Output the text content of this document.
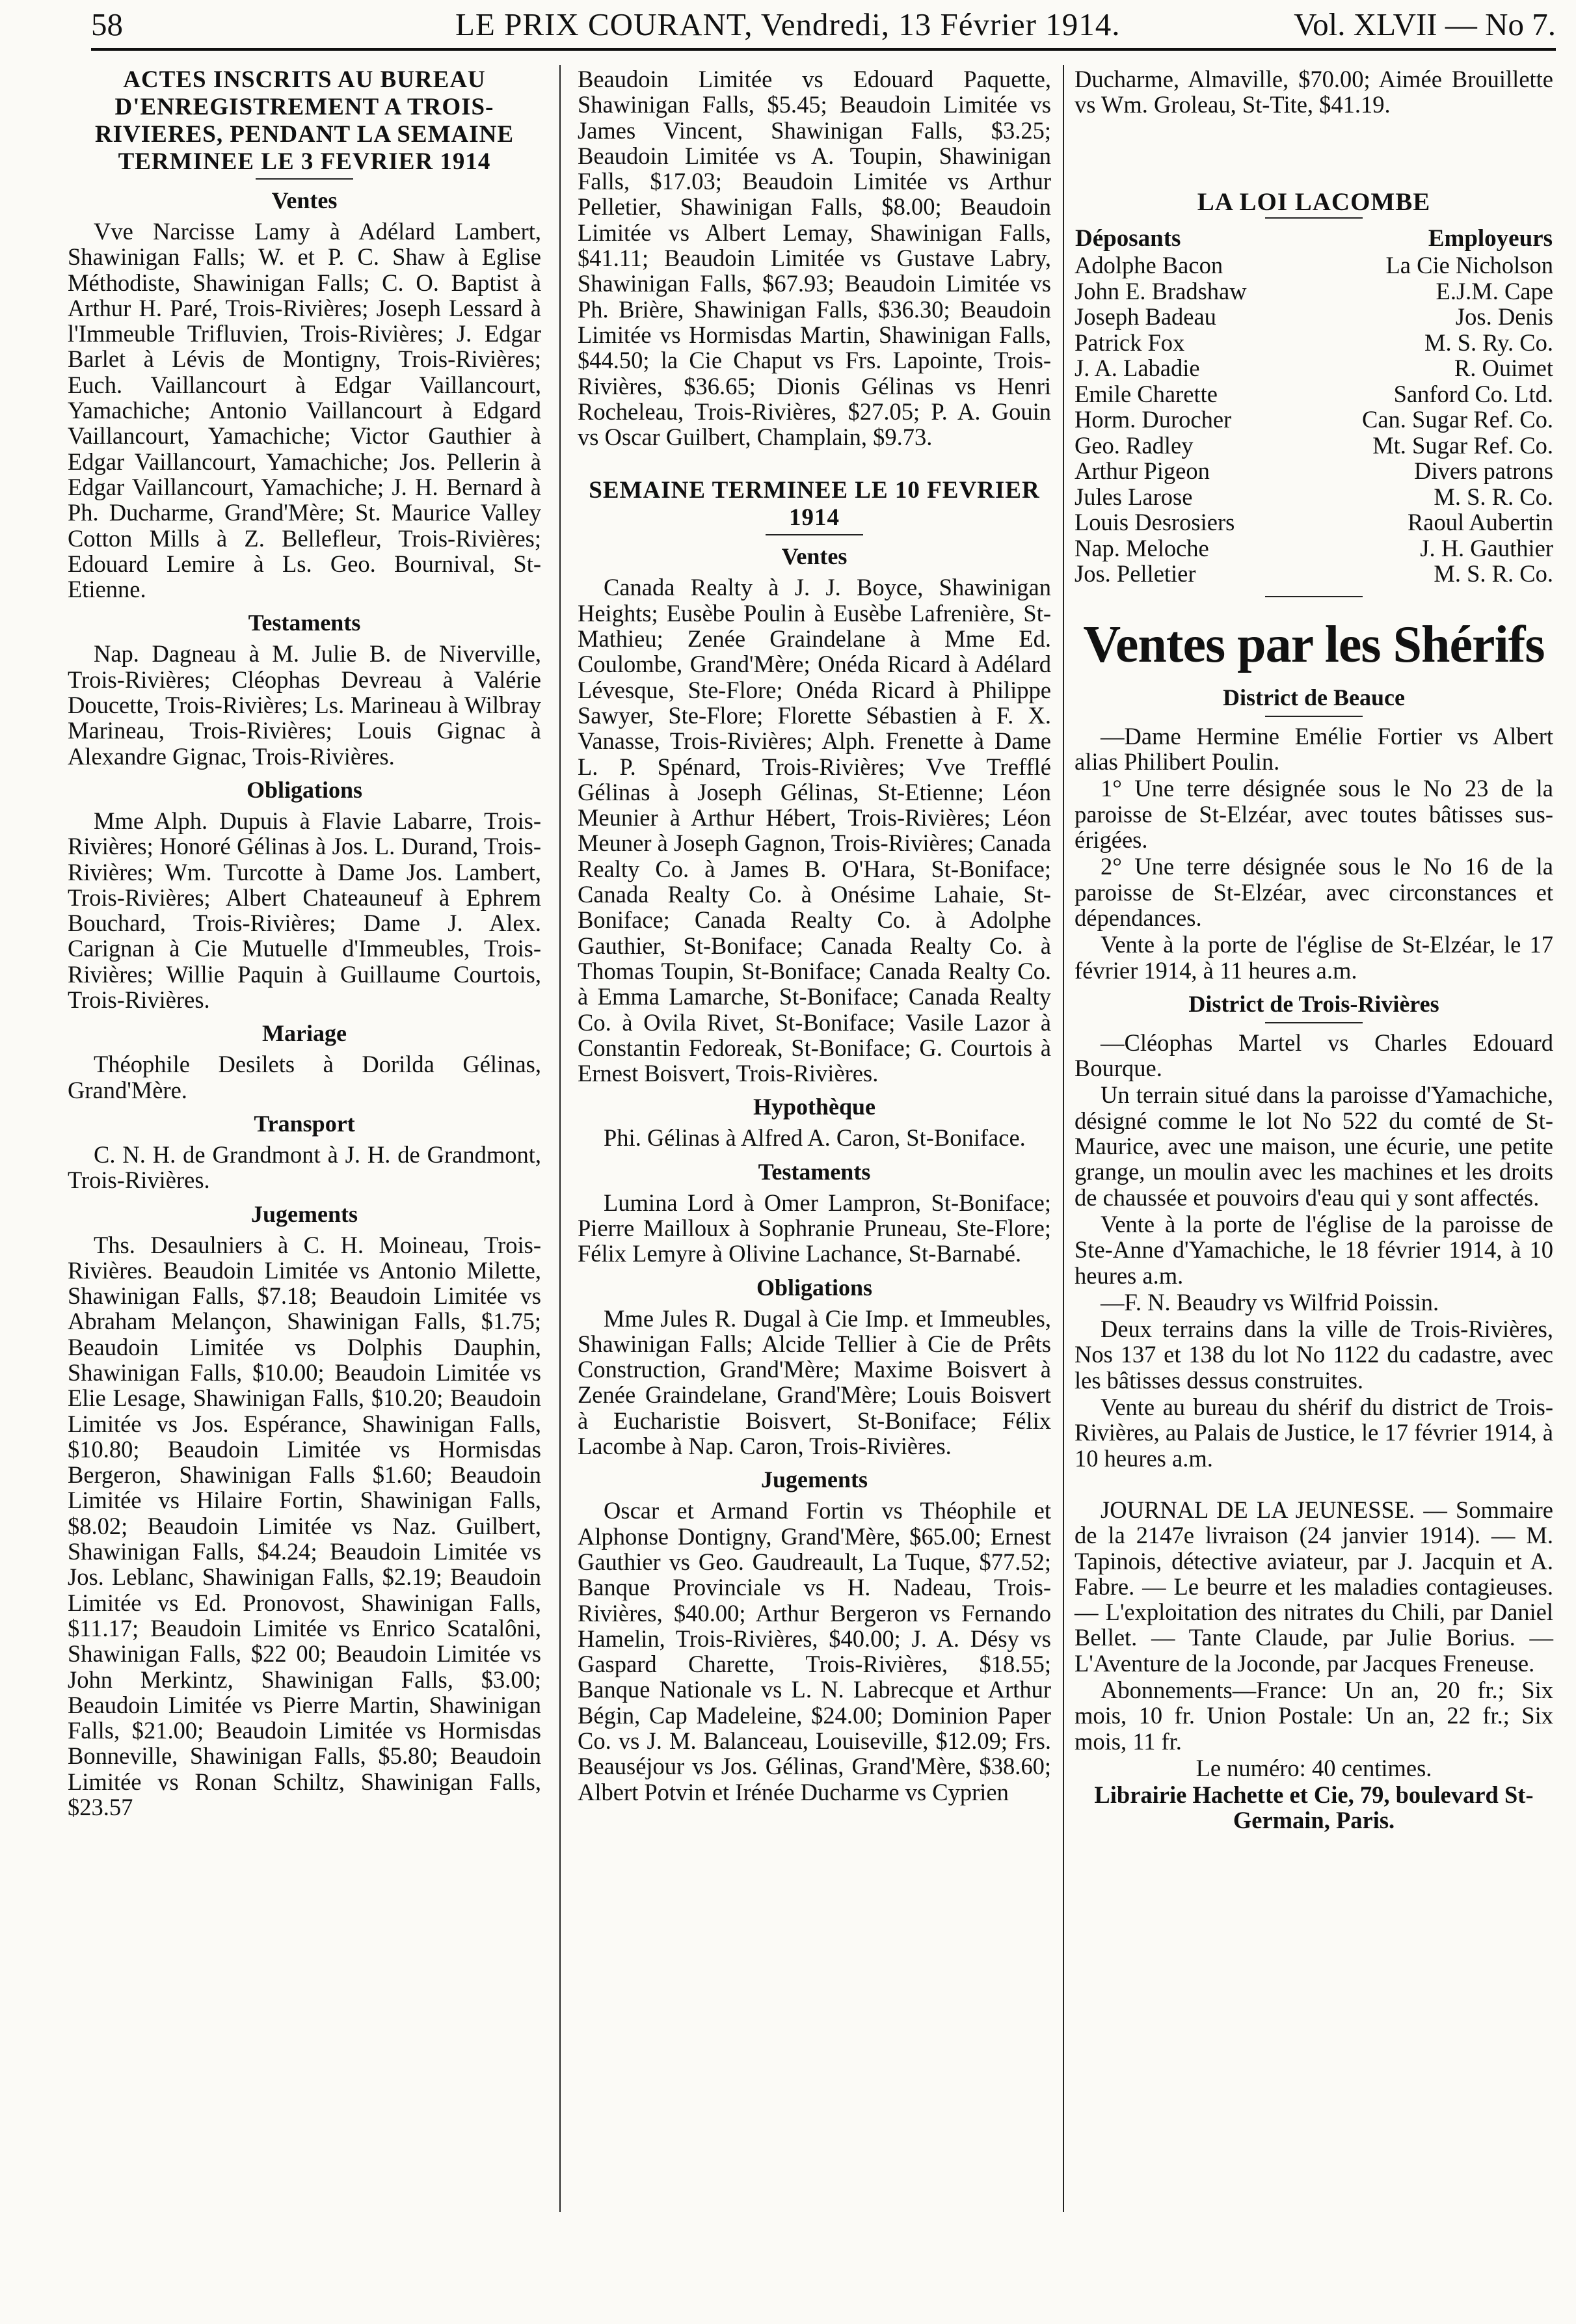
58	LE PRIX COURANT, Vendredi, 13 Février 1914.	Vol. XLVII — No 7.

ACTES INSCRITS AU BUREAU D'ENREGISTREMENT A TROIS-RIVIERES, PENDANT LA SEMAINE TERMINEE LE 3 FEVRIER 1914

Ventes

Vve Narcisse Lamy à Adélard Lambert, Shawinigan Falls; W. et P. C. Shaw à Eglise Méthodiste, Shawinigan Falls; C. O. Baptist à Arthur H. Paré, Trois-Rivières; Joseph Lessard à l'Immeuble Trifluvien, Trois-Rivières; J. Edgar Barlet à Lévis de Montigny, Trois-Rivières; Euch. Vaillancourt à Edgar Vaillancourt, Yamachiche; Antonio Vaillancourt à Edgard Vaillancourt, Yamachiche; Victor Gauthier à Edgar Vaillancourt, Yamachiche; Jos. Pellerin à Edgar Vaillancourt, Yamachiche; J. H. Bernard à Ph. Ducharme, Grand'Mère; St. Maurice Valley Cotton Mills à Z. Bellefleur, Trois-Rivières; Edouard Lemire à Ls. Geo. Bournival, St-Etienne.

Testaments

Nap. Dagneau à M. Julie B. de Niverville, Trois-Rivières; Cléophas Devreau à Valérie Doucette, Trois-Rivières; Ls. Marineau à Wilbray Marineau, Trois-Rivières; Louis Gignac à Alexandre Gignac, Trois-Rivières.

Obligations

Mme Alph. Dupuis à Flavie Labarre, Trois-Rivières; Honoré Gélinas à Jos. L. Durand, Trois-Rivières; Wm. Turcotte à Dame Jos. Lambert, Trois-Rivières; Albert Chateauneuf à Ephrem Bouchard, Trois-Rivières; Dame J. Alex. Carignan à Cie Mutuelle d'Immeubles, Trois-Rivières; Willie Paquin à Guillaume Courtois, Trois-Rivières.

Mariage

Théophile Desilets à Dorilda Gélinas, Grand'Mère.

Transport

C. N. H. de Grandmont à J. H. de Grandmont, Trois-Rivières.

Jugements

Ths. Desaulniers à C. H. Moineau, Trois-Rivières. Beaudoin Limitée vs Antonio Milette, Shawinigan Falls, $7.18; Beaudoin Limitée vs Abraham Melançon, Shawinigan Falls, $1.75; Beaudoin Limitée vs Dolphis Dauphin, Shawinigan Falls, $10.00; Beaudoin Limitée vs Elie Lesage, Shawinigan Falls, $10.20; Beaudoin Limitée vs Jos. Espérance, Shawinigan Falls, $10.80; Beaudoin Limitée vs Hormisdas Bergeron, Shawinigan Falls $1.60; Beaudoin Limitée vs Hilaire Fortin, Shawinigan Falls, $8.02; Beaudoin Limitée vs Naz. Guilbert, Shawinigan Falls, $4.24; Beaudoin Limitée vs Jos. Leblanc, Shawinigan Falls, $2.19; Beaudoin Limitée vs Ed. Pronovost, Shawinigan Falls, $11.17; Beaudoin Limitée vs Enrico Scatalôni, Shawinigan Falls, $22 00; Beaudoin Limitée vs John Merkintz, Shawinigan Falls, $3.00; Beaudoin Limitée vs Pierre Martin, Shawinigan Falls, $21.00; Beaudoin Limitée vs Hormisdas Bonneville, Shawinigan Falls, $5.80; Beaudoin Limitée vs Ronan Schiltz, Shawinigan Falls, $23.57

Beaudoin Limitée vs Edouard Paquette, Shawinigan Falls, $5.45; Beaudoin Limitée vs James Vincent, Shawinigan Falls, $3.25; Beaudoin Limitée vs A. Toupin, Shawinigan Falls, $17.03; Beaudoin Limitée vs Arthur Pelletier, Shawinigan Falls, $8.00; Beaudoin Limitée vs Albert Lemay, Shawinigan Falls, $41.11; Beaudoin Limitée vs Gustave Labry, Shawinigan Falls, $67.93; Beaudoin Limitée vs Ph. Brière, Shawinigan Falls, $36.30; Beaudoin Limitée vs Hormisdas Martin, Shawinigan Falls, $44.50; la Cie Chaput vs Frs. Lapointe, Trois-Rivières, $36.65; Dionis Gélinas vs Henri Rocheleau, Trois-Rivières, $27.05; P. A. Gouin vs Oscar Guilbert, Champlain, $9.73.

SEMAINE TERMINEE LE 10 FEVRIER 1914

Ventes

Canada Realty à J. J. Boyce, Shawinigan Heights; Eusèbe Poulin à Eusèbe Lafrenière, St-Mathieu; Zenée Graindelane à Mme Ed. Coulombe, Grand'Mère; Onéda Ricard à Adélard Lévesque, Ste-Flore; Onéda Ricard à Philippe Sawyer, Ste-Flore; Florette Sébastien à F. X. Vanasse, Trois-Rivières; Alph. Frenette à Dame L. P. Spénard, Trois-Rivières; Vve Trefflé Gélinas à Joseph Gélinas, St-Etienne; Léon Meunier à Arthur Hébert, Trois-Rivières; Léon Meuner à Joseph Gagnon, Trois-Rivières; Canada Realty Co. à James B. O'Hara, St-Boniface; Canada Realty Co. à Onésime Lahaie, St-Boniface; Canada Realty Co. à Adolphe Gauthier, St-Boniface; Canada Realty Co. à Thomas Toupin, St-Boniface; Canada Realty Co. à Emma Lamarche, St-Boniface; Canada Realty Co. à Ovila Rivet, St-Boniface; Vasile Lazor à Constantin Fedoreak, St-Boniface; G. Courtois à Ernest Boisvert, Trois-Rivières.

Hypothèque

Phi. Gélinas à Alfred A. Caron, St-Boniface.

Testaments

Lumina Lord à Omer Lampron, St-Boniface; Pierre Mailloux à Sophranie Pruneau, Ste-Flore; Félix Lemyre à Olivine Lachance, St-Barnabé.

Obligations

Mme Jules R. Dugal à Cie Imp. et Immeubles, Shawinigan Falls; Alcide Tellier à Cie de Prêts Construction, Grand'Mère; Maxime Boisvert à Zenée Graindelane, Grand'Mère; Louis Boisvert à Eucharistie Boisvert, St-Boniface; Félix Lacombe à Nap. Caron, Trois-Rivières.

Jugements

Oscar et Armand Fortin vs Théophile et Alphonse Dontigny, Grand'Mère, $65.00; Ernest Gauthier vs Geo. Gaudreault, La Tuque, $77.52; Banque Provinciale vs H. Nadeau, Trois-Rivières, $40.00; Arthur Bergeron vs Fernando Hamelin, Trois-Rivières, $40.00; J. A. Désy vs Gaspard Charette, Trois-Rivières, $18.55; Banque Nationale vs L. N. Labrecque et Arthur Bégin, Cap Madeleine, $24.00; Dominion Paper Co. vs J. M. Balanceau, Louiseville, $12.09; Frs. Beauséjour vs Jos. Gélinas, Grand'Mère, $38.60; Albert Potvin et Irénée Ducharme vs Cyprien

Ducharme, Almaville, $70.00; Aimée Brouillette vs Wm. Groleau, St-Tite, $41.19.

LA LOI LACOMBE
Déposants	Employeurs
Adolphe Bacon	La Cie Nicholson
John E. Bradshaw	E.J.M. Cape
Joseph Badeau	Jos. Denis
Patrick Fox	M. S. Ry. Co.
J. A. Labadie	R. Ouimet
Emile Charette	Sanford Co. Ltd.
Horm. Durocher	Can. Sugar Ref. Co.
Geo. Radley	Mt. Sugar Ref. Co.
Arthur Pigeon	Divers patrons
Jules Larose	M. S. R. Co.
Louis Desrosiers	Raoul Aubertin
Nap. Meloche	J. H. Gauthier
Jos. Pelletier	M. S. R. Co.
Ventes par les Shérifs
District de Beauce

—Dame Hermine Emélie Fortier vs Albert alias Philibert Poulin.

1° Une terre désignée sous le No 23 de la paroisse de St-Elzéar, avec toutes bâtisses sus-érigées.

2° Une terre désignée sous le No 16 de la paroisse de St-Elzéar, avec circonstances et dépendances.

Vente à la porte de l'église de St-Elzéar, le 17 février 1914, à 11 heures a.m.

District de Trois-Rivières

—Cléophas Martel vs Charles Edouard Bourque.

Un terrain situé dans la paroisse d'Yamachiche, désigné comme le lot No 522 du comté de St-Maurice, avec une maison, une écurie, une petite grange, un moulin avec les machines et les droits de chaussée et pouvoirs d'eau qui y sont affectés.

Vente à la porte de l'église de la paroisse de Ste-Anne d'Yamachiche, le 18 février 1914, à 10 heures a.m.

—F. N. Beaudry vs Wilfrid Poissin.

Deux terrains dans la ville de Trois-Rivières, Nos 137 et 138 du lot No 1122 du cadastre, avec les bâtisses dessus construites.

Vente au bureau du shérif du district de Trois-Rivières, au Palais de Justice, le 17 février 1914, à 10 heures a.m.

JOURNAL DE LA JEUNESSE. — Sommaire de la 2147e livraison (24 janvier 1914). — M. Tapinois, détective aviateur, par J. Jacquin et A. Fabre. — Le beurre et les maladies contagieuses. — L'exploitation des nitrates du Chili, par Daniel Bellet. — Tante Claude, par Julie Borius. — L'Aventure de la Joconde, par Jacques Freneuse.

Abonnements—France: Un an, 20 fr.; Six mois, 10 fr. Union Postale: Un an, 22 fr.; Six mois, 11 fr.

Le numéro: 40 centimes.

Librairie Hachette et Cie, 79, boulevard St-Germain, Paris.
